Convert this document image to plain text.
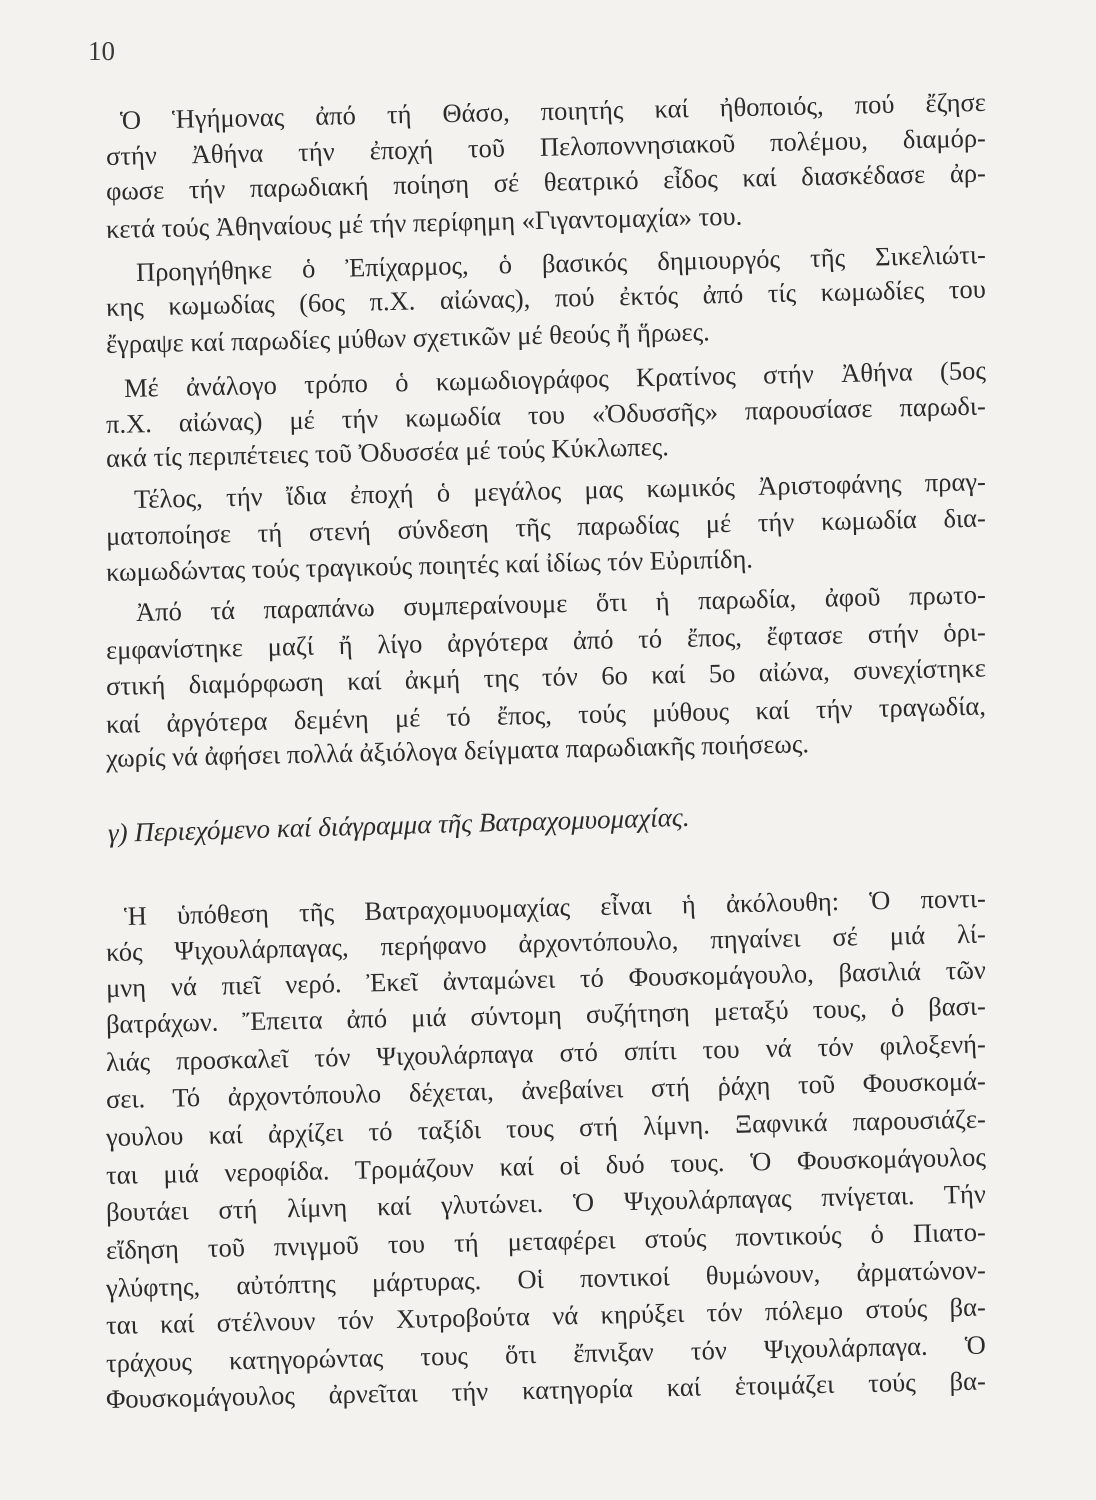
10
Ὁ Ἡγήμονας ἀπό τή Θάσο, ποιητής καί ἠθοποιός, πού ἔζησε
στήν Ἀθήνα τήν ἐποχή τοῦ Πελοποννησιακοῦ πολέμου, διαμόρ-
φωσε τήν παρωδιακή ποίηση σέ θεατρικό εἶδος καί διασκέδασε ἀρ-
κετά τούς Ἀθηναίους μέ τήν περίφημη «Γιγαντομαχία» του.
Προηγήθηκε ὁ Ἐπίχαρμος, ὁ βασικός δημιουργός τῆς Σικελιώτι-
κης κωμωδίας (6ος π.Χ. αἰώνας), πού ἐκτός ἀπό τίς κωμωδίες του
ἔγραψε καί παρωδίες μύθων σχετικῶν μέ θεούς ἤ ἥρωες.
Μέ ἀνάλογο τρόπο ὁ κωμωδιογράφος Κρατίνος στήν Ἀθήνα (5ος
π.Χ. αἰώνας) μέ τήν κωμωδία του «Ὀδυσσῆς» παρουσίασε παρωδι-
ακά τίς περιπέτειες τοῦ Ὀδυσσέα μέ τούς Κύκλωπες.
Τέλος, τήν ἴδια ἐποχή ὁ μεγάλος μας κωμικός Ἀριστοφάνης πραγ-
ματοποίησε τή στενή σύνδεση τῆς παρωδίας μέ τήν κωμωδία δια-
κωμωδώντας τούς τραγικούς ποιητές καί ἰδίως τόν Εὐριπίδη.
Ἀπό τά παραπάνω συμπεραίνουμε ὅτι ἡ παρωδία, ἀφοῦ πρωτο-
εμφανίστηκε μαζί ἤ λίγο ἀργότερα ἀπό τό ἔπος, ἔφτασε στήν ὁρι-
στική διαμόρφωση καί ἀκμή της τόν 6ο καί 5ο αἰώνα, συνεχίστηκε
καί ἀργότερα δεμένη μέ τό ἔπος, τούς μύθους καί τήν τραγωδία,
χωρίς νά ἀφήσει πολλά ἀξιόλογα δείγματα παρωδιακῆς ποιήσεως.
γ) Περιεχόμενο καί διάγραμμα τῆς Βατραχομυομαχίας.
Ἡ ὑπόθεση τῆς Βατραχομυομαχίας εἶναι ἡ ἀκόλουθη: Ὁ ποντι-
κός Ψιχουλάρπαγας, περήφανο ἀρχοντόπουλο, πηγαίνει σέ μιά λί-
μνη νά πιεῖ νερό. Ἐκεῖ ἀνταμώνει τό Φουσκομάγουλο, βασιλιά τῶν
βατράχων. Ἔπειτα ἀπό μιά σύντομη συζήτηση μεταξύ τους, ὁ βασι-
λιάς προσκαλεῖ τόν Ψιχουλάρπαγα στό σπίτι του νά τόν φιλοξενή-
σει. Τό ἀρχοντόπουλο δέχεται, ἀνεβαίνει στή ῥάχη τοῦ Φουσκομά-
γουλου καί ἀρχίζει τό ταξίδι τους στή λίμνη. Ξαφνικά παρουσιάζε-
ται μιά νεροφίδα. Τρομάζουν καί οἱ δυό τους. Ὁ Φουσκομάγουλος
βουτάει στή λίμνη καί γλυτώνει. Ὁ Ψιχουλάρπαγας πνίγεται. Τήν
εἴδηση τοῦ πνιγμοῦ του τή μεταφέρει στούς ποντικούς ὁ Πιατο-
γλύφτης, αὐτόπτης μάρτυρας. Οἱ ποντικοί θυμώνουν, ἀρματώνον-
ται καί στέλνουν τόν Χυτροβούτα νά κηρύξει τόν πόλεμο στούς βα-
τράχους κατηγορώντας τους ὅτι ἔπνιξαν τόν Ψιχουλάρπαγα. Ὁ
Φουσκομάγουλος ἀρνεῖται τήν κατηγορία καί ἑτοιμάζει τούς βα-
